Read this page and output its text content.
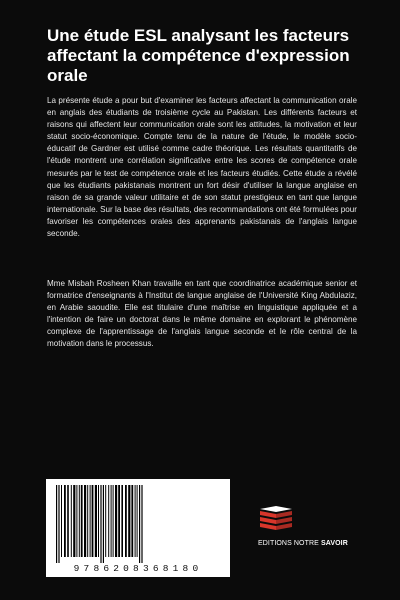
Une étude ESL analysant les facteurs affectant la compétence d'expression orale
La présente étude a pour but d'examiner les facteurs affectant la communication orale en anglais des étudiants de troisième cycle au Pakistan. Les différents facteurs et raisons qui affectent leur communication orale sont les attitudes, la motivation et leur statut socio-économique. Compte tenu de la nature de l'étude, le modèle socio-éducatif de Gardner est utilisé comme cadre théorique. Les résultats quantitatifs de l'étude montrent une corrélation significative entre les scores de compétence orale mesurés par le test de compétence orale et les facteurs étudiés. Cette étude a révélé que les étudiants pakistanais montrent un fort désir d'utiliser la langue anglaise en raison de sa grande valeur utilitaire et de son statut prestigieux en tant que langue internationale. Sur la base des résultats, des recommandations ont été formulées pour favoriser les compétences orales des apprenants pakistanais de l'anglais langue seconde.
Mme Misbah Rosheen Khan travaille en tant que coordinatrice académique senior et formatrice d'enseignants à l'Institut de langue anglaise de l'Université King Abdulaziz, en Arabie saoudite. Elle est titulaire d'une maîtrise en linguistique appliquée et a l'intention de faire un doctorat dans le même domaine en explorant le phénomène complexe de l'apprentissage de l'anglais langue seconde et le rôle central de la motivation dans le processus.
9786208368180
EDITIONS NOTRE SAVOIR
